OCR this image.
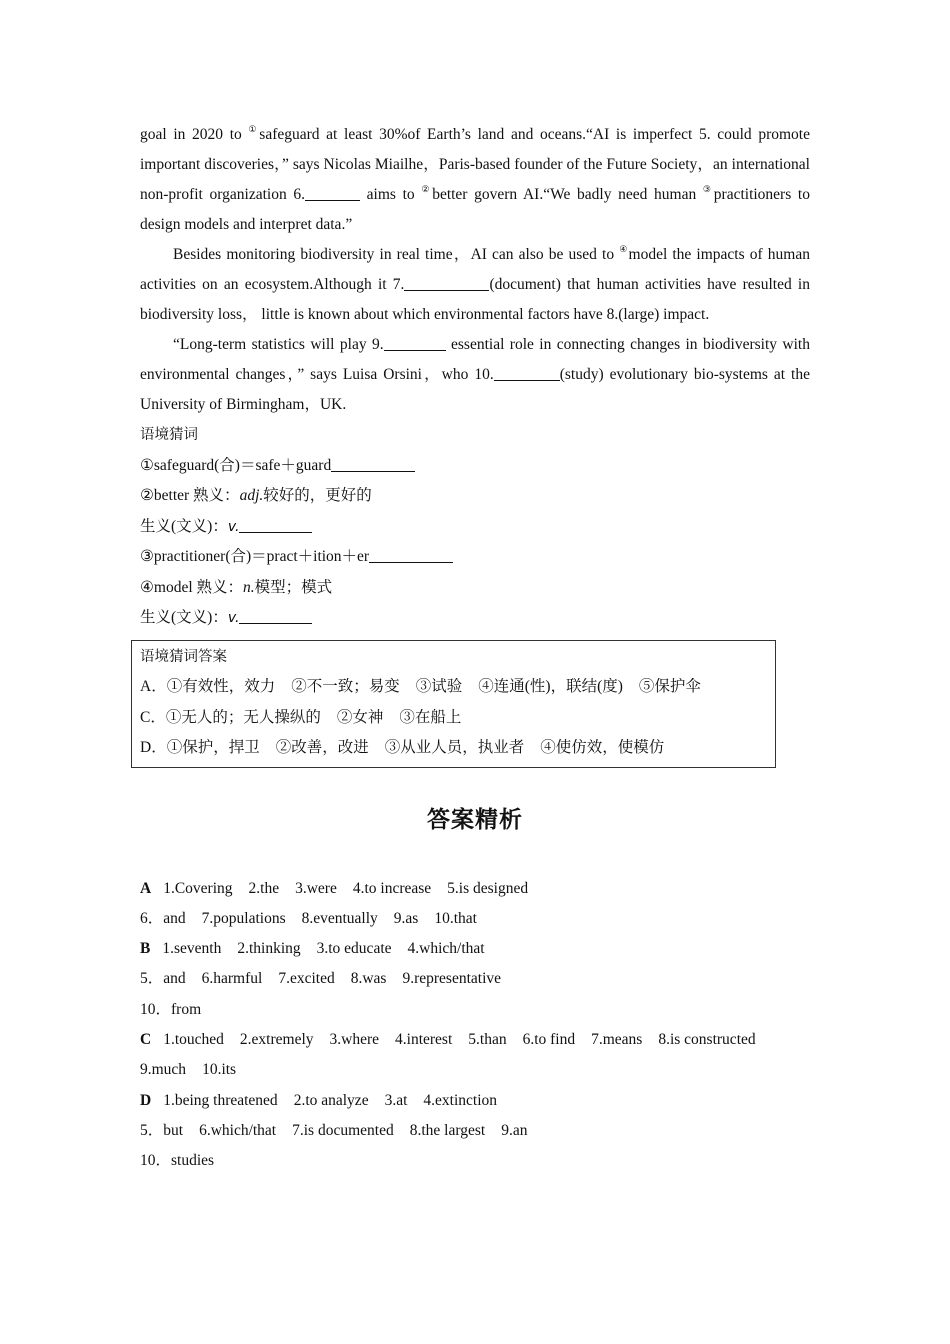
goal in 2020 to ①safeguard at least 30%of Earth’s land and oceans.“AI is imperfect 5. could promote important discoveries，” says Nicolas Miailhe，Paris-based founder of the Future Society，an international non-profit organization 6.	aims to ②better govern AI.“We badly need human ③practitioners to design models and interpret data.”

Besides monitoring biodiversity in real time，AI can also be used to ④model the impacts of human activities on an ecosystem.Although it 7.	(document) that human activities have resulted in biodiversity loss， little is known about which environmental factors have 8.(large) impact.

“Long-term statistics will play 9.	essential role in connecting changes in biodiversity with environmental changes，” says Luisa Orsini，who 10.	(study) evolutionary bio-systems at the University of Birmingham，UK.

语境猜词

①safeguard(合)＝safe＋guard

②better 熟义：adj.较好的，更好的

生义(文义)：v.

③practitioner(合)＝pract＋ition＋er

④model 熟义：n.模型；模式

生义(文义)：v.

语境猜词答案

A．①有效性，效力 ②不一致；易变 ③试验 ④连通(性)，联结(度) ⑤保护伞

C．①无人的；无人操纵的 ②女神 ③在船上

D．①保护，捍卫 ②改善，改进 ③从业人员，执业者 ④使仿效，使模仿

答案精析

A 1.Covering 2.the 3.were 4.to increase 5.is designed

6．and 7.populations 8.eventually 9.as 10.that

B 1.seventh 2.thinking 3.to educate 4.which/that

5．and 6.harmful 7.excited 8.was 9.representative

10．from

C 1.touched 2.extremely 3.where 4.interest 5.than 6.to find 7.means 8.is constructed

9.much 10.its

D 1.being threatened 2.to analyze 3.at 4.extinction

5．but 6.which/that 7.is documented 8.the largest 9.an

10．studies
